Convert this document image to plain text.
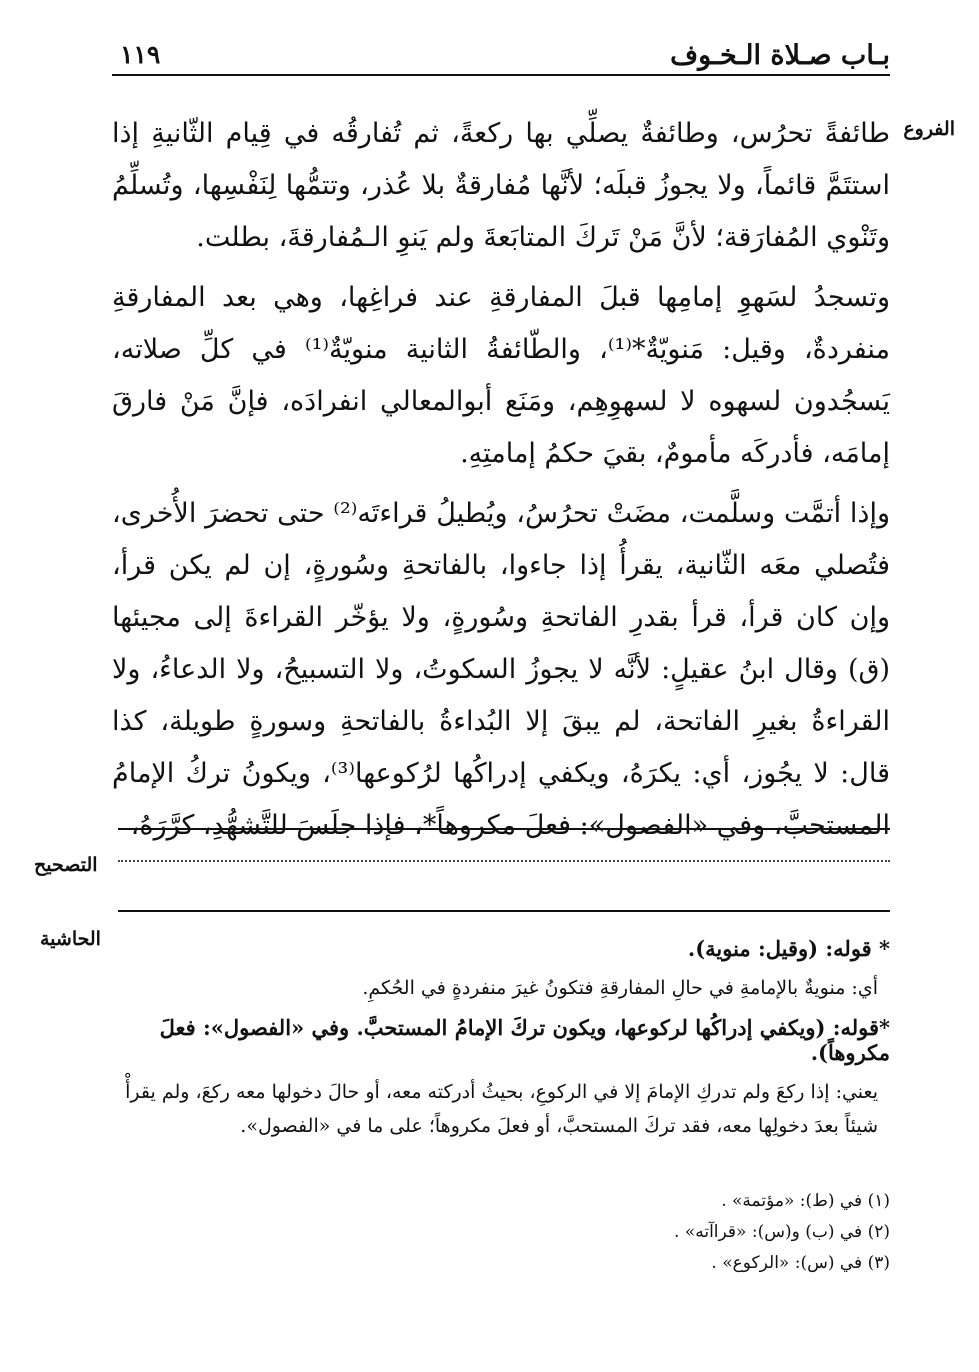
بـاب صـلاة الـخـوف
١١٩
الفروع

طائفةً تحرُس، وطائفةٌ يصلِّي بها ركعةً، ثم تُفارقُه في قِيام الثّانيةِ إذا استتَمَّ قائماً، ولا يجوزُ قبلَه؛ لأنَّها مُفارقةٌ بلا عُذر، وتتمُّها لِنَفْسِها، وتُسلِّمُ وتَنْوي المُفارَقة؛ لأنَّ مَنْ تَركَ المتابَعةَ ولم يَنوِ الـمُفارقةَ، بطلت.

وتسجدُ لسَهوِ إمامِها قبلَ المفارقةِ عند فراغِها، وهي بعد المفارقةِ منفردةٌ، وقيل: مَنويّةٌ*⁽¹⁾، والطّائفةُ الثانية منويّةٌ⁽¹⁾ في كلِّ صلاته، يَسجُدون لسهوه لا لسهوِهِم، ومَنَع أبوالمعالي انفرادَه، فإنَّ مَنْ فارقَ إمامَه، فأدركَه مأمومٌ، بقيَ حكمُ إمامتِهِ.

وإذا أتمَّت وسلَّمت، مضَتْ تحرُسُ، ويُطيلُ قراءتَه⁽²⁾ حتى تحضرَ الأُخرى، فتُصلي معَه الثّانية، يقرأُ إذا جاءوا، بالفاتحةِ وسُورةٍ، إن لم يكن قرأ، وإن كان قرأ، قرأ بقدرِ الفاتحةِ وسُورةٍ، ولا يؤخّر القراءةَ إلى مجيئها (ق) وقال ابنُ عقيلٍ: لأنَّه لا يجوزُ السكوتُ، ولا التسبيحُ، ولا الدعاءُ، ولا القراءةُ بغيرِ الفاتحة، لم يبقَ إلا البُداءةُ بالفاتحةِ وسورةٍ طويلة، كذا قال: لا يجُوز، أي: يكرَهُ، ويكفي إدراكُها لرُكوعها⁽³⁾، ويكونُ تركُ الإمامُ المستحبَّ، وفي «الفصول»: فعلَ مكروهاً*، فإذا جلَسَ للتَّشهُّدِ، كرَّرَهُ،

التصحيح
الحاشية	* قوله: (وقيل: منوية).

أي: منويةٌ بالإمامةِ في حالِ المفارقةِ فتكونُ غيرَ منفردةٍ في الحُكمِ.

*قوله: (ويكفي إدراكُها لركوعها، ويكون تركَ الإمامُ المستحبَّ. وفي «الفصول»: فعلَ مكروهاً).

يعني: إذا ركعَ ولم تدركِ الإمامَ إلا في الركوعِ، بحيثُ أدركته معه، أو حالَ دخولها معه ركعَ، ولم يقرأْ شيئاً بعدَ دخولِها معه، فقد تركَ المستحبَّ، أو فعلَ مكروهاً؛ على ما في «الفصول».

(١) في (ط): «مؤتمة» .
(٢) في (ب) و(س): «قراآته» .
(٣) في (س): «الركوع» .
